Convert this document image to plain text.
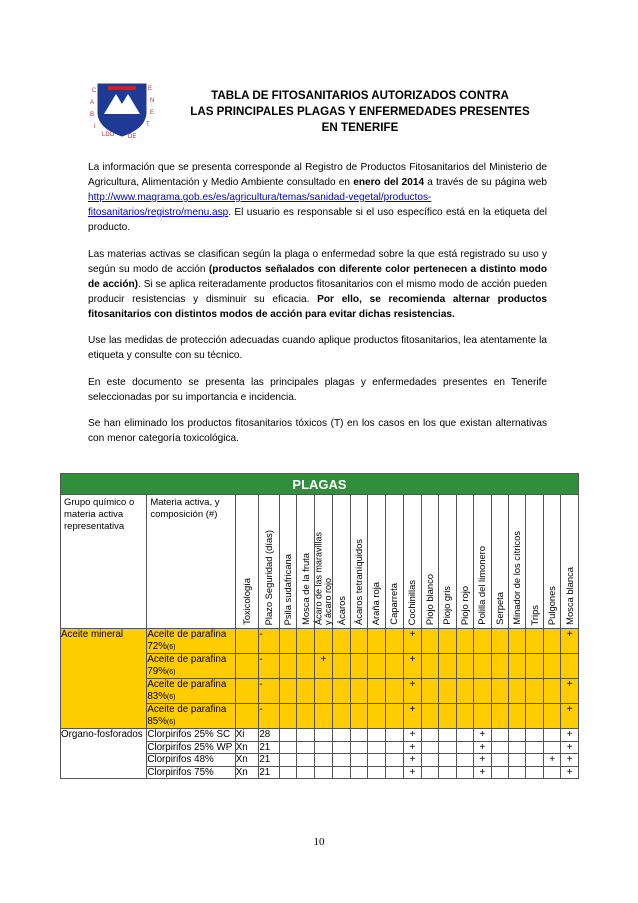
C
A
B
I
LDO DE
T
E
N
E	TABLA DE FITOSANITARIOS AUTORIZADOS CONTRA
LAS PRINCIPALES PLAGAS Y ENFERMEDADES PRESENTES
EN TENERIFE

La información que se presenta corresponde al Registro de Productos Fitosanitarios del Ministerio de Agricultura, Alimentación y Medio Ambiente consultado en enero del 2014 a través de su página web http://www.magrama.gob.es/es/agricultura/temas/sanidad-vegetal/productos-fitosanitarios/registro/menu.asp. El usuario es responsable si el uso específico está en la etiqueta del producto.

Las materias activas se clasifican según la plaga o enfermedad sobre la que está registrado su uso y según su modo de acción (productos señalados con diferente color pertenecen a distinto modo de acción). Si se aplica reiteradamente productos fitosanitarios con el mismo modo de acción pueden producir resistencias y disminuir su eficacia. Por ello, se recomienda alternar productos fitosanitarios con distintos modos de acción para evitar dichas resistencias.

Use las medidas de protección adecuadas cuando aplique productos fitosanitarios, lea atentamente la etiqueta y consulte con su técnico.

En este documento se presenta las principales plagas y enfermedades presentes en Tenerife seleccionadas por su importancia e incidencia.

Se han eliminado los productos fitosanitarios tóxicos (T) en los casos en los que existan alternativas con menor categoría toxicológica.

PLAGAS																				
Grupo químico o materia activa representativa	Materia activa, y composición (#)	Toxicología	Plazo Seguridad (días)	Psila sudafricana	Mosca de la fruta	Ácaro de las maravillas
y ácaro rojo	Ácaros	Ácaros tetraníquidos	Araña roja	Caparreta	Cochinillas	Piojo blanco	Piojo gris	Piojo rojo	Polilla del limonero	Serpeta	Minador de los cítricos	Trips	Pulgones	Mosca blanca

Aceite mineral	Aceite de parafina 72%(6)		-								+									+
	Aceite de parafina 79%(6)		-			+					+									
	Aceite de parafina 83%(6)		-								+									+
	Aceite de parafina 85%(6)		-								+									+
Organo-fosforados	Clorpirifos 25% SC	Xi	28								+				+					+
	Clorpirifos 25% WP	Xn	21								+				+					+
	Clorpirifos 48%	Xn	21								+				+				+	+
	Clorpirifos 75%	Xn	21								+				+					+
10
